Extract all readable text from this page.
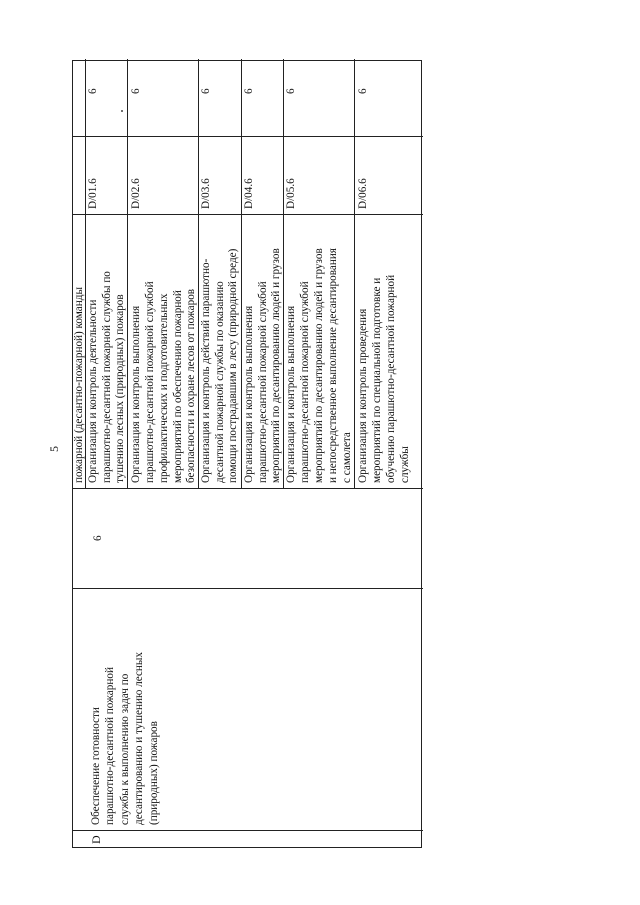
5 пожарной (десантно-пожарной) команды
D
Обеспечение готовности парашютно-десантной пожарной службы к выполнению задач по десантированию и тушению лесных (природных) пожаров
6
Организация и контроль деятельности парашютно-десантной пожарной службы по тушению лесных (природных) пожаров
D/01.6
6
Организация и контроль выполнения парашютно-десантной пожарной службой профилактических и подготовительных мероприятий по обеспечению пожарной безопасности и охране лесов от пожаров
D/02.6
6
Организация и контроль действий парашютно- десантной пожарной службы по оказанию помощи пострадавшим в лесу (природной среде)
D/03.6
6
Организация и контроль выполнения парашютно-десантной пожарной службой мероприятий по десантированию людей и грузов
D/04.6
6
Организация и контроль выполнения парашютно-десантной пожарной службой мероприятий по десантированию людей и грузов и непосредственное выполнение десантирования с самолета
D/05.6
6
Организация и контроль проведения мероприятий по специальной подготовке и обучению парашютно-десантной пожарной службы
D/06.6
6
